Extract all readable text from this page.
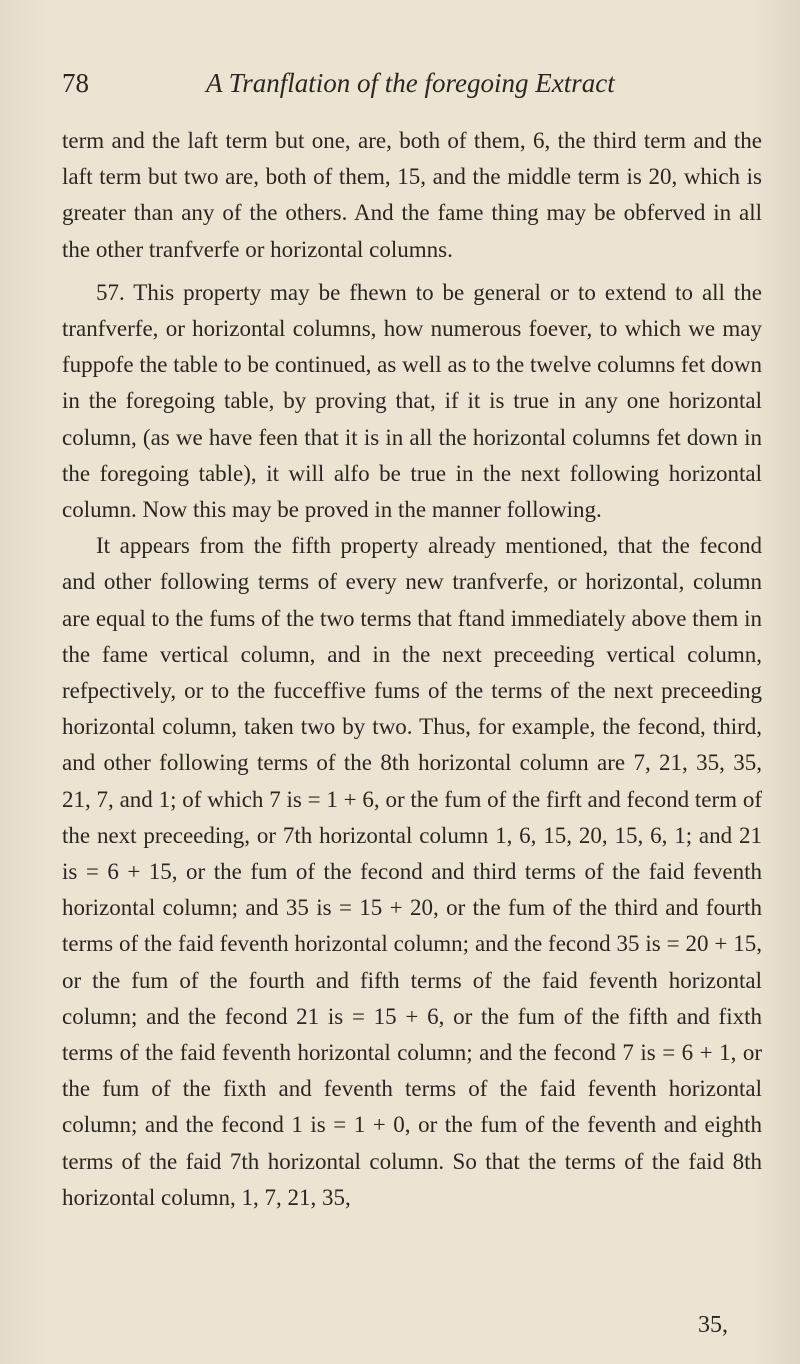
78	A Tranflation of the foregoing Extract

term and the laft term but one, are, both of them, 6, the third term and the laft term but two are, both of them, 15, and the middle term is 20, which is greater than any of the others. And the fame thing may be obferved in all the other tranfverfe or horizontal columns.

57. This property may be fhewn to be general or to extend to all the tranfverfe, or horizontal columns, how numerous foever, to which we may fuppofe the table to be continued, as well as to the twelve columns fet down in the foregoing table, by proving that, if it is true in any one horizontal column, (as we have feen that it is in all the horizontal columns fet down in the foregoing table), it will alfo be true in the next following horizontal column. Now this may be proved in the manner following.

It appears from the fifth property already mentioned, that the fecond and other following terms of every new tranfverfe, or horizontal, column are equal to the fums of the two terms that ftand immediately above them in the fame vertical column, and in the next preceeding vertical column, refpectively, or to the fucceffive fums of the terms of the next preceeding horizontal column, taken two by two. Thus, for example, the fecond, third, and other following terms of the 8th horizontal column are 7, 21, 35, 35, 21, 7, and 1; of which 7 is = 1 + 6, or the fum of the firft and fecond term of the next preceeding, or 7th horizontal column 1, 6, 15, 20, 15, 6, 1; and 21 is = 6 + 15, or the fum of the fecond and third terms of the faid feventh horizontal column; and 35 is = 15 + 20, or the fum of the third and fourth terms of the faid feventh horizontal column; and the fecond 35 is = 20 + 15, or the fum of the fourth and fifth terms of the faid feventh horizontal column; and the fecond 21 is = 15 + 6, or the fum of the fifth and fixth terms of the faid feventh horizontal column; and the fecond 7 is = 6 + 1, or the fum of the fixth and feventh terms of the faid feventh horizontal column; and the fecond 1 is = 1 + 0, or the fum of the feventh and eighth terms of the faid 7th horizontal column. So that the terms of the faid 8th horizontal column, 1, 7, 21, 35,

35,
